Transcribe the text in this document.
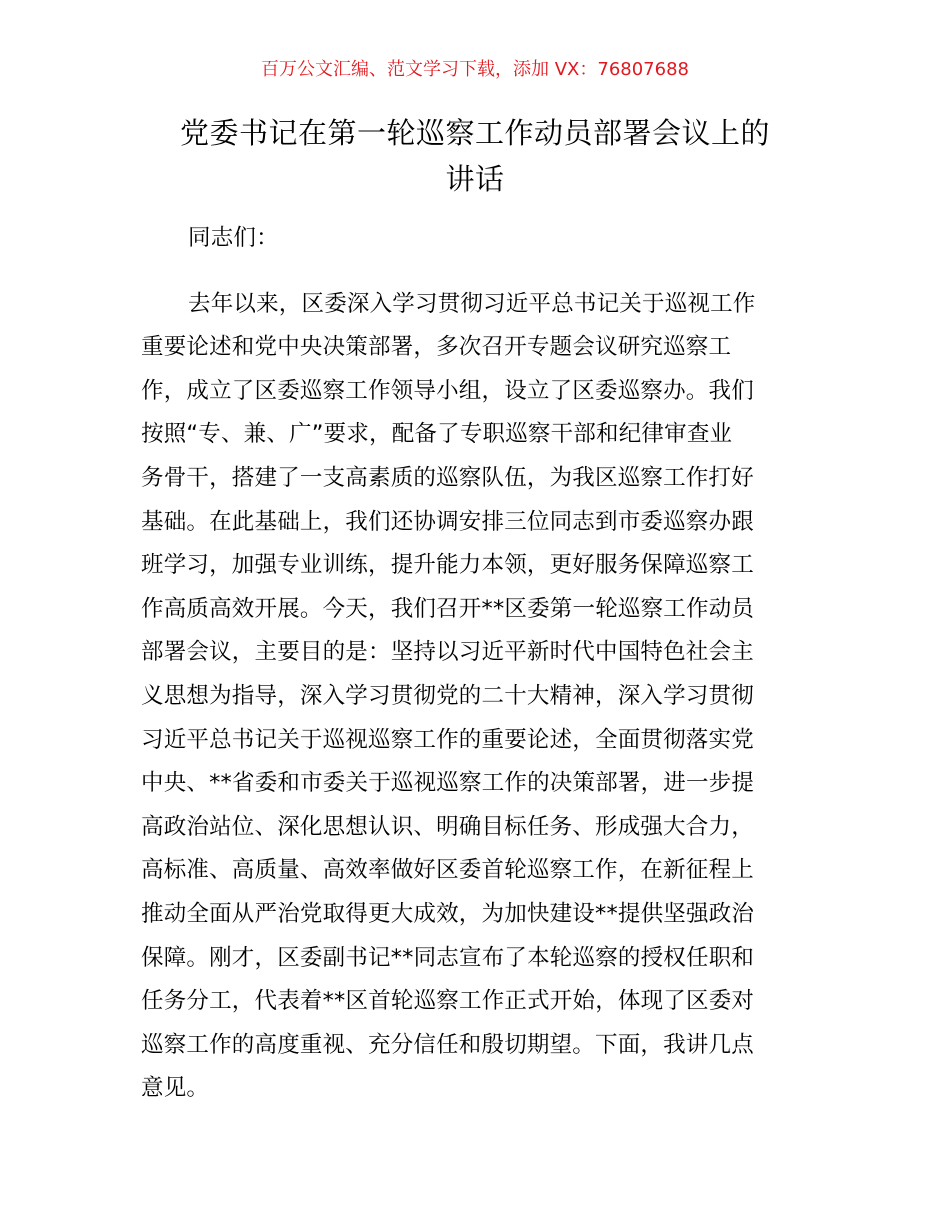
百万公文汇编、范文学习下载，添加 VX：76807688
党委书记在第一轮巡察工作动员部署会议上的
讲话

同志们：

去年以来，区委深入学习贯彻习近平总书记关于巡视工作
重要论述和党中央决策部署，多次召开专题会议研究巡察工
作，成立了区委巡察工作领导小组，设立了区委巡察办。我们
按照“专、兼、广”要求，配备了专职巡察干部和纪律审查业
务骨干，搭建了一支高素质的巡察队伍，为我区巡察工作打好
基础。在此基础上，我们还协调安排三位同志到市委巡察办跟
班学习，加强专业训练，提升能力本领，更好服务保障巡察工
作高质高效开展。今天，我们召开**区委第一轮巡察工作动员
部署会议，主要目的是：坚持以习近平新时代中国特色社会主
义思想为指导，深入学习贯彻党的二十大精神，深入学习贯彻
习近平总书记关于巡视巡察工作的重要论述，全面贯彻落实党
中央、**省委和市委关于巡视巡察工作的决策部署，进一步提
高政治站位、深化思想认识、明确目标任务、形成强大合力，
高标准、高质量、高效率做好区委首轮巡察工作，在新征程上
推动全面从严治党取得更大成效，为加快建设**提供坚强政治
保障。刚才，区委副书记**同志宣布了本轮巡察的授权任职和
任务分工，代表着**区首轮巡察工作正式开始，体现了区委对
巡察工作的高度重视、充分信任和殷切期望。下面，我讲几点
意见。
